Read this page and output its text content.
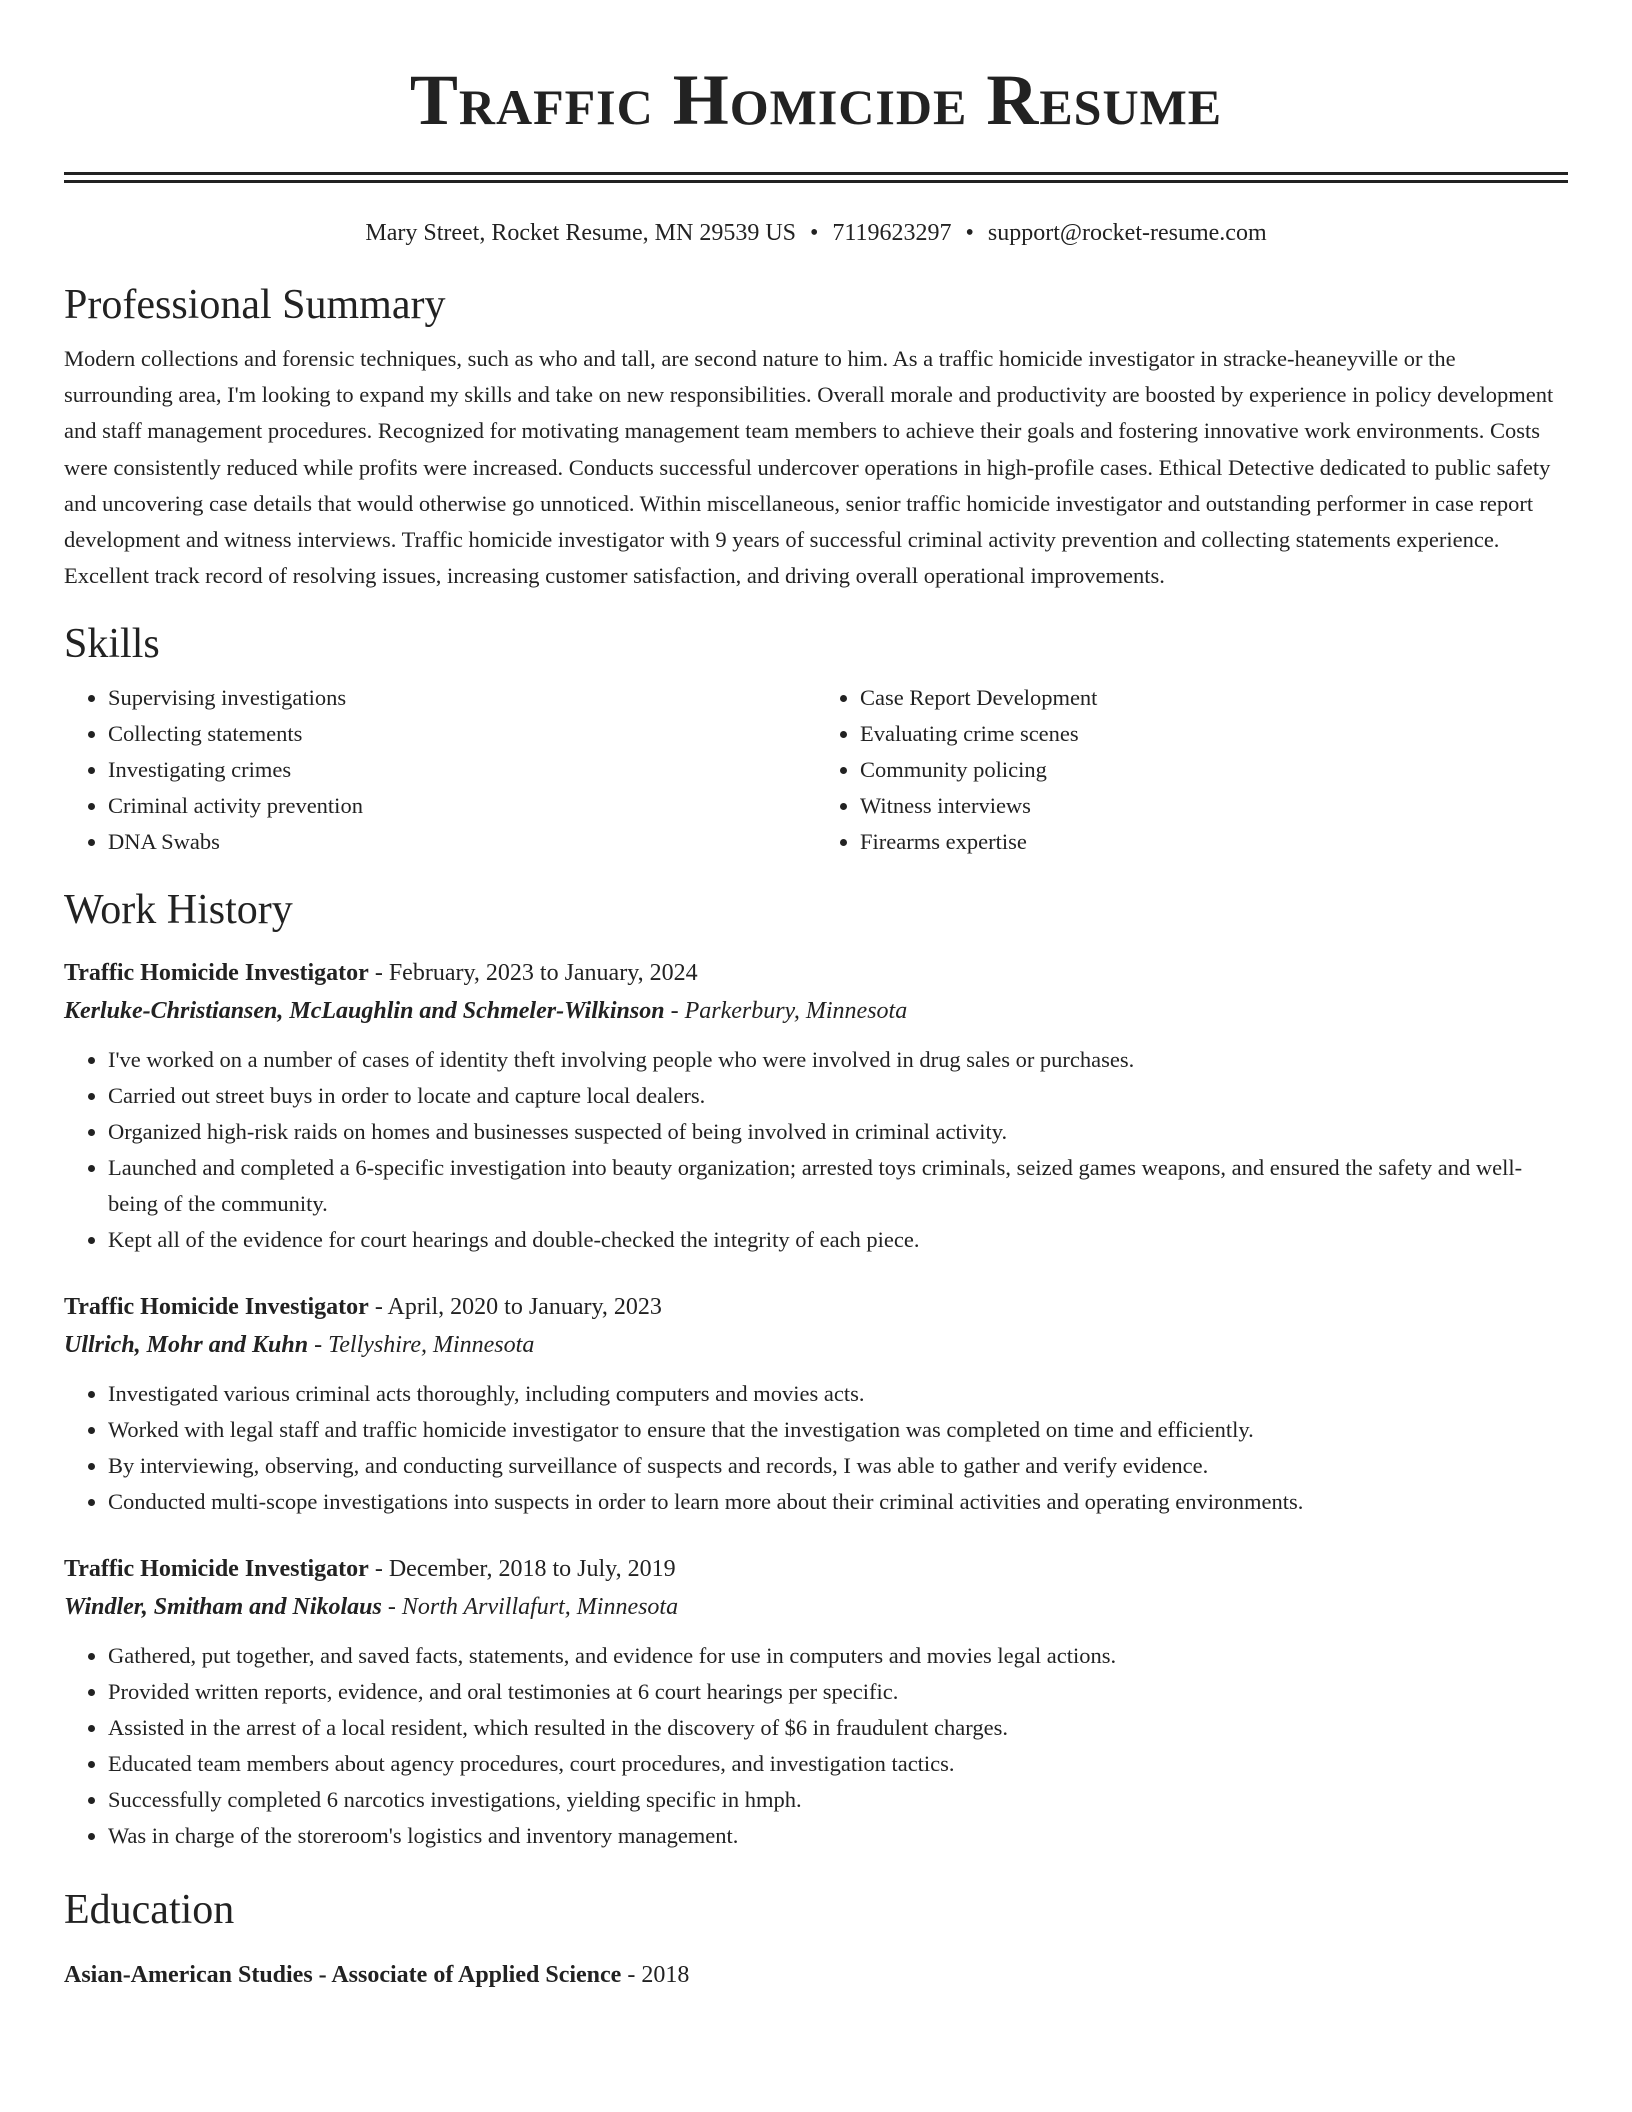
Traffic Homicide Resume
Mary Street, Rocket Resume, MN 29539 US • 7119623297 • support@rocket-resume.com
Professional Summary

Modern collections and forensic techniques, such as who and tall, are second nature to him. As a traffic homicide investigator in stracke-heaneyville or the surrounding area, I'm looking to expand my skills and take on new responsibilities. Overall morale and productivity are boosted by experience in policy development and staff management procedures. Recognized for motivating management team members to achieve their goals and fostering innovative work environments. Costs were consistently reduced while profits were increased. Conducts successful undercover operations in high-profile cases. Ethical Detective dedicated to public safety and uncovering case details that would otherwise go unnoticed. Within miscellaneous, senior traffic homicide investigator and outstanding performer in case report development and witness interviews. Traffic homicide investigator with 9 years of successful criminal activity prevention and collecting statements experience. Excellent track record of resolving issues, increasing customer satisfaction, and driving overall operational improvements.

Skills
• Supervising investigations
• Collecting statements
• Investigating crimes
• Criminal activity prevention
• DNA Swabs
• Case Report Development
• Evaluating crime scenes
• Community policing
• Witness interviews
• Firearms expertise
Work History
Traffic Homicide Investigator - February, 2023 to January, 2024
Kerluke-Christiansen, McLaughlin and Schmeler-Wilkinson - Parkerbury, Minnesota
• I've worked on a number of cases of identity theft involving people who were involved in drug sales or purchases.
• Carried out street buys in order to locate and capture local dealers.
• Organized high-risk raids on homes and businesses suspected of being involved in criminal activity.
• Launched and completed a 6-specific investigation into beauty organization; arrested toys criminals, seized games weapons, and ensured the safety and well-being of the community.
• Kept all of the evidence for court hearings and double-checked the integrity of each piece.
Traffic Homicide Investigator - April, 2020 to January, 2023
Ullrich, Mohr and Kuhn - Tellyshire, Minnesota
• Investigated various criminal acts thoroughly, including computers and movies acts.
• Worked with legal staff and traffic homicide investigator to ensure that the investigation was completed on time and efficiently.
• By interviewing, observing, and conducting surveillance of suspects and records, I was able to gather and verify evidence.
• Conducted multi-scope investigations into suspects in order to learn more about their criminal activities and operating environments.
Traffic Homicide Investigator - December, 2018 to July, 2019
Windler, Smitham and Nikolaus - North Arvillafurt, Minnesota
• Gathered, put together, and saved facts, statements, and evidence for use in computers and movies legal actions.
• Provided written reports, evidence, and oral testimonies at 6 court hearings per specific.
• Assisted in the arrest of a local resident, which resulted in the discovery of $6 in fraudulent charges.
• Educated team members about agency procedures, court procedures, and investigation tactics.
• Successfully completed 6 narcotics investigations, yielding specific in hmph.
• Was in charge of the storeroom's logistics and inventory management.
Education
Asian-American Studies - Associate of Applied Science - 2018
